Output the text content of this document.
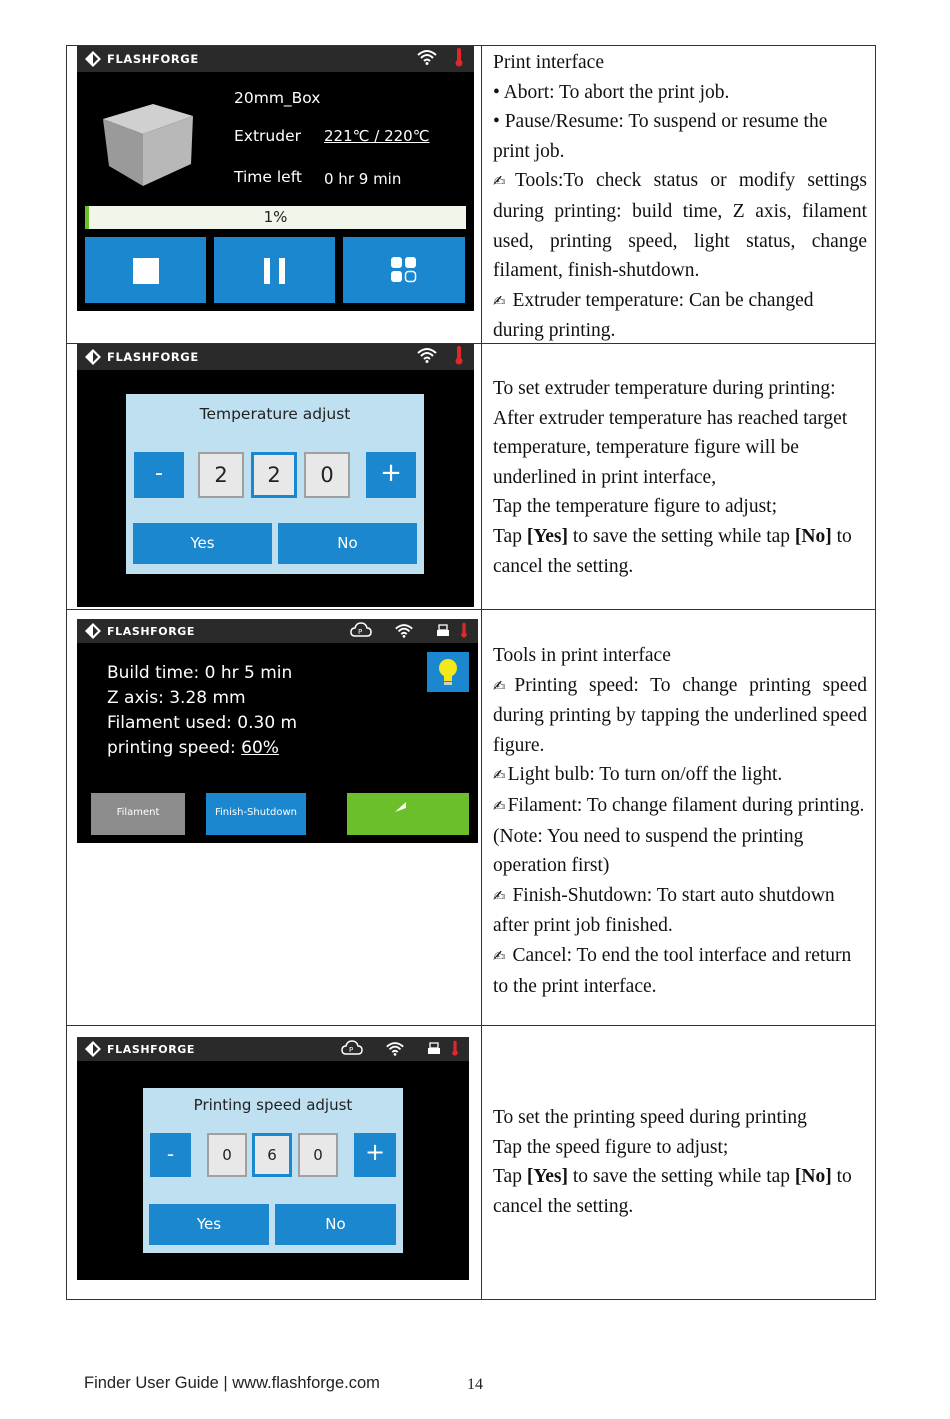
FLASHFORGE
20mm_Box
Extruder 221℃ / 220℃
Time left 0 hr 9 min
1%

Print interface

• Abort: To abort the print job.

• Pause/Resume: To suspend or resume the print job.

✍ Tools:To check status or modify settings during printing: build time, Z axis, filament used, printing speed, light status, change filament, finish-shutdown.

✍ Extruder temperature: Can be changed during printing.

FLASHFORGE
Temperature adjust
-	2	2	0	+
Yes	No

To set extruder temperature during printing:

After extruder temperature has reached target temperature, temperature figure will be underlined in print interface,

Tap the temperature figure to adjust;

Tap [Yes] to save the setting while tap [No] to cancel the setting.

FLASHFORGE	P
Build time: 0 hr 5 min
Z axis: 3.28 mm
Filament used: 0.30 m
printing speed: 60%
Filament	Finish-Shutdown

Tools in print interface

✍ Printing speed: To change printing speed during printing by tapping the underlined speed figure.

✍ Light bulb: To turn on/off the light.

✍ Filament: To change filament during printing. (Note: You need to suspend the printing operation first)

✍ Finish-Shutdown: To start auto shutdown after print job finished.

✍ Cancel: To end the tool interface and return to the print interface.

FLASHFORGE	P
Printing speed adjust
-	0	6	0	+
Yes	No

To set the printing speed during printing

Tap the speed figure to adjust;

Tap [Yes] to save the setting while tap [No] to cancel the setting.

Finder User Guide | www.flashforge.com	14
